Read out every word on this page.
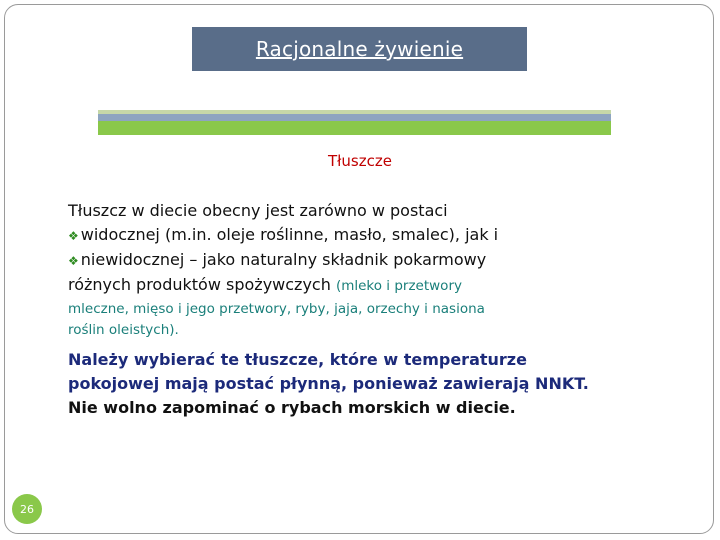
Racjonalne żywienie
Tłuszcze
Tłuszcz w diecie obecny jest zarówno w postaci
❖ widocznej (m.in. oleje roślinne, masło, smalec), jak i
❖ niewidocznej – jako naturalny składnik pokarmowy
różnych produktów spożywczych (mleko i przetwory
mleczne, mięso i jego przetwory, ryby, jaja, orzechy i nasiona
roślin oleistych).
Należy wybierać te tłuszcze, które w temperaturze
pokojowej mają postać płynną, ponieważ zawierają NNKT.
Nie wolno zapominać o rybach morskich w diecie.
26
